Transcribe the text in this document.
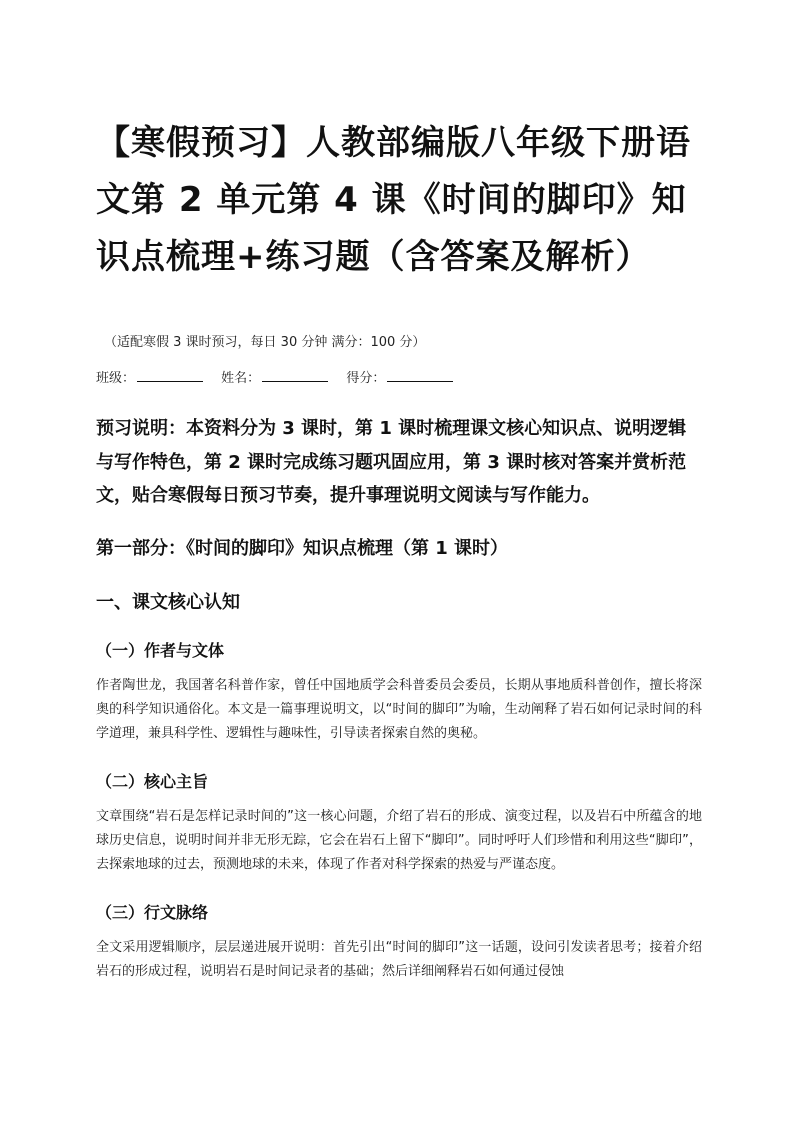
【寒假预习】人教部编版八年级下册语文第 2 单元第 4 课《时间的脚印》知识点梳理+练习题（含答案及解析）
（适配寒假 3 课时预习，每日 30 分钟 满分：100 分）
班级：	姓名：	得分：
预习说明：本资料分为 3 课时，第 1 课时梳理课文核心知识点、说明逻辑与写作特色，第 2 课时完成练习题巩固应用，第 3 课时核对答案并赏析范文，贴合寒假每日预习节奏，提升事理说明文阅读与写作能力。
第一部分：《时间的脚印》知识点梳理（第 1 课时）
一、课文核心认知
（一）作者与文体

作者陶世龙，我国著名科普作家，曾任中国地质学会科普委员会委员，长期从事地质科普创作，擅长将深奥的科学知识通俗化。本文是一篇事理说明文，以“时间的脚印”为喻，生动阐释了岩石如何记录时间的科学道理，兼具科学性、逻辑性与趣味性，引导读者探索自然的奥秘。

（二）核心主旨

文章围绕“岩石是怎样记录时间的”这一核心问题，介绍了岩石的形成、演变过程，以及岩石中所蕴含的地球历史信息，说明时间并非无形无踪，它会在岩石上留下“脚印”。同时呼吁人们珍惜和利用这些“脚印”，去探索地球的过去，预测地球的未来，体现了作者对科学探索的热爱与严谨态度。

（三）行文脉络

全文采用逻辑顺序，层层递进展开说明：首先引出“时间的脚印”这一话题，设问引发读者思考；接着介绍岩石的形成过程，说明岩石是时间记录者的基础；然后详细阐释岩石如何通过侵蚀
